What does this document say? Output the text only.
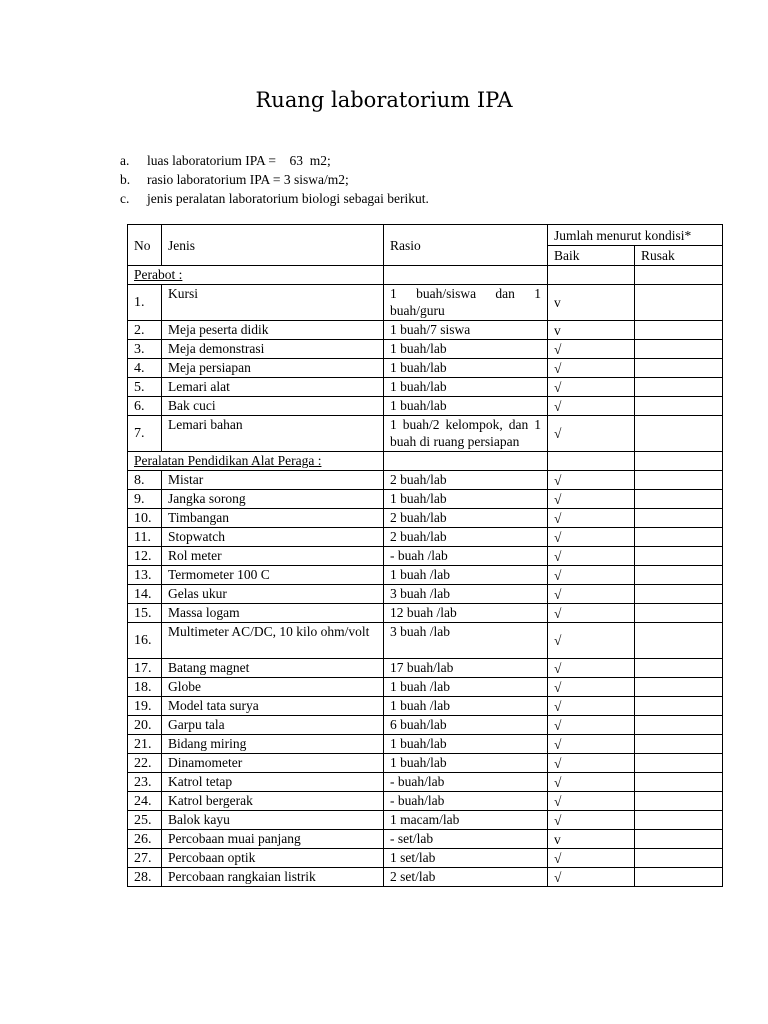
Ruang laboratorium IPA
a.	luas laboratorium IPA =    63  m2;
b.	rasio laboratorium IPA = 3 siswa/m2;
c.	jenis peralatan laboratorium biologi sebagai berikut.
No	Jenis	Rasio	Jumlah menurut kondisi*	
			Baik	Rusak
Perabot :				
1.	Kursi	1 buah/siswa dan 1 buah/guru	v	
2.	Meja peserta didik	1 buah/7 siswa	v	
3.	Meja demonstrasi	1 buah/lab	√	
4.	Meja persiapan	1 buah/lab	√	
5.	Lemari alat	1 buah/lab	√	
6.	Bak cuci	1 buah/lab	√	
7.	Lemari bahan	1 buah/2 kelompok, dan 1 buah di ruang persiapan	√	
Peralatan Pendidikan Alat Peraga :				
8.	Mistar	2 buah/lab	√	
9.	Jangka sorong	1 buah/lab	√	
10.	Timbangan	2 buah/lab	√	
11.	Stopwatch	2 buah/lab	√	
12.	Rol meter	- buah /lab	√	
13.	Termometer 100 C	1 buah /lab	√	
14.	Gelas ukur	3 buah /lab	√	
15.	Massa logam	12 buah /lab	√	
16.	Multimeter AC/DC, 10 kilo ohm/volt	3 buah /lab	√	
17.	Batang magnet	17 buah/lab	√	
18.	Globe	1 buah /lab	√	
19.	Model tata surya	1 buah /lab	√	
20.	Garpu tala	6 buah/lab	√	
21.	Bidang miring	1 buah/lab	√	
22.	Dinamometer	1 buah/lab	√	
23.	Katrol tetap	- buah/lab	√	
24.	Katrol bergerak	- buah/lab	√	
25.	Balok kayu	1 macam/lab	√	
26.	Percobaan muai panjang	- set/lab	v	
27.	Percobaan optik	1 set/lab	√	
28.	Percobaan rangkaian listrik	2 set/lab	√	
